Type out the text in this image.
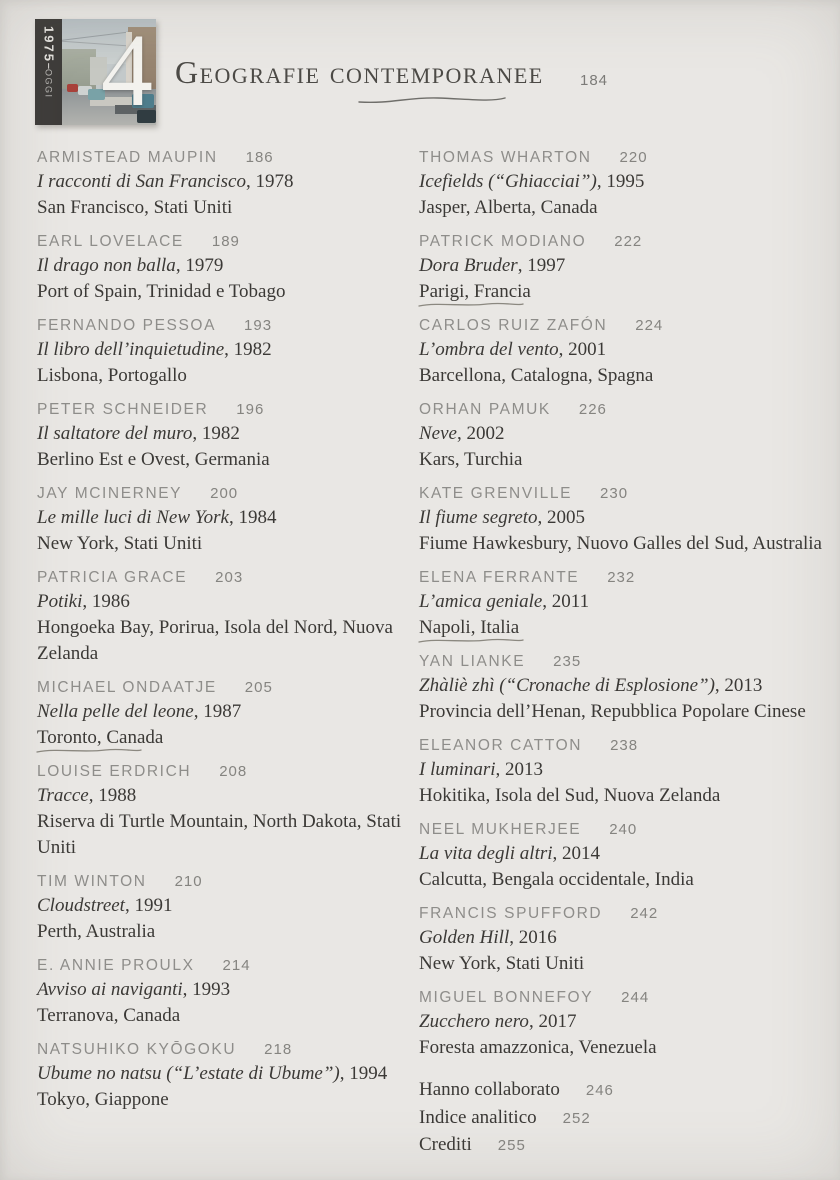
1975–OGGI 4 Geografie contemporanee 184
ARMISTEAD MAUPIN 186
I racconti di San Francisco, 1978
San Francisco, Stati Uniti
EARL LOVELACE 189
Il drago non balla, 1979
Port of Spain, Trinidad e Tobago
FERNANDO PESSOA 193
Il libro dell’inquietudine, 1982
Lisbona, Portogallo
PETER SCHNEIDER 196
Il saltatore del muro, 1982
Berlino Est e Ovest, Germania
JAY MCINERNEY 200
Le mille luci di New York, 1984
New York, Stati Uniti
PATRICIA GRACE 203
Potiki, 1986
Hongoeka Bay, Porirua, Isola del Nord, Nuova Zelanda
MICHAEL ONDAATJE 205
Nella pelle del leone, 1987
Toronto, Canada
LOUISE ERDRICH 208
Tracce, 1988
Riserva di Turtle Mountain, North Dakota, Stati Uniti
TIM WINTON 210
Cloudstreet, 1991
Perth, Australia
E. ANNIE PROULX 214
Avviso ai naviganti, 1993
Terranova, Canada
NATSUHIKO KYŌGOKU 218
Ubume no natsu (“L’estate di Ubume”), 1994
Tokyo, Giappone
THOMAS WHARTON 220
Icefields (“Ghiacciai”), 1995
Jasper, Alberta, Canada
PATRICK MODIANO 222
Dora Bruder, 1997
Parigi, Francia
CARLOS RUIZ ZAFÓN 224
L’ombra del vento, 2001
Barcellona, Catalogna, Spagna
ORHAN PAMUK 226
Neve, 2002
Kars, Turchia
KATE GRENVILLE 230
Il fiume segreto, 2005
Fiume Hawkesbury, Nuovo Galles del Sud, Australia
ELENA FERRANTE 232
L’amica geniale, 2011
Napoli, Italia
YAN LIANKE 235
Zhàliè zhì (“Cronache di Esplosione”), 2013
Provincia dell’Henan, Repubblica Popolare Cinese
ELEANOR CATTON 238
I luminari, 2013
Hokitika, Isola del Sud, Nuova Zelanda
NEEL MUKHERJEE 240
La vita degli altri, 2014
Calcutta, Bengala occidentale, India
FRANCIS SPUFFORD 242
Golden Hill, 2016
New York, Stati Uniti
MIGUEL BONNEFOY 244
Zucchero nero, 2017
Foresta amazzonica, Venezuela
Hanno collaborato 246
Indice analitico 252
Crediti 255
